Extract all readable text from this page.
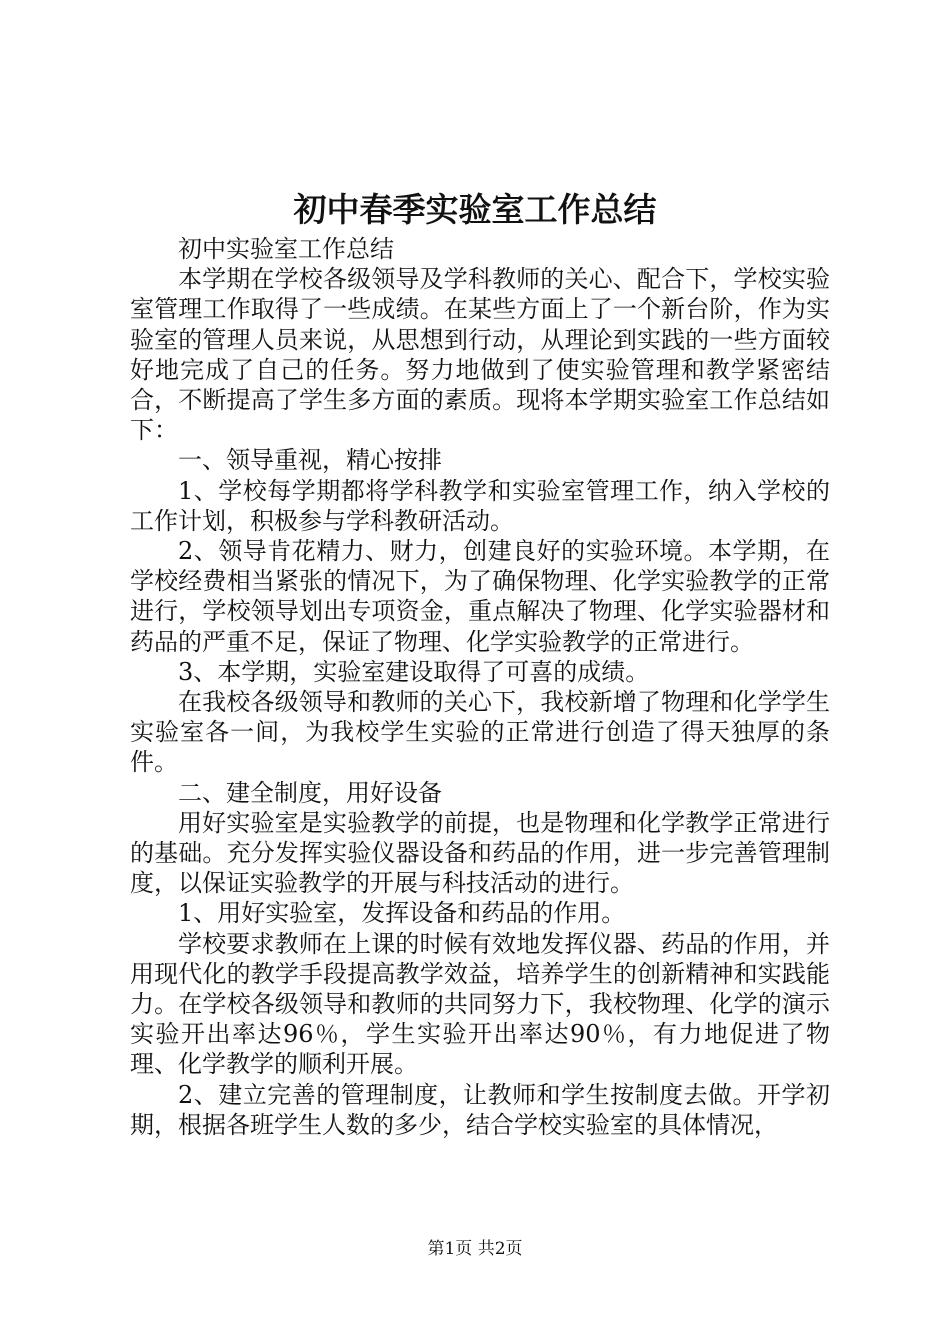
初中春季实验室工作总结

初中实验室工作总结

本学期在学校各级领导及学科教师的关心、配合下，学校实验室管理工作取得了一些成绩。在某些方面上了一个新台阶，作为实验室的管理人员来说，从思想到行动，从理论到实践的一些方面较好地完成了自己的任务。努力地做到了使实验管理和教学紧密结合，不断提高了学生多方面的素质。现将本学期实验室工作总结如下：

一、领导重视，精心按排

1、学校每学期都将学科教学和实验室管理工作，纳入学校的工作计划，积极参与学科教研活动。

2、领导肯花精力、财力，创建良好的实验环境。本学期，在学校经费相当紧张的情况下，为了确保物理、化学实验教学的正常进行，学校领导划出专项资金，重点解决了物理、化学实验器材和药品的严重不足，保证了物理、化学实验教学的正常进行。

3、本学期，实验室建设取得了可喜的成绩。

在我校各级领导和教师的关心下，我校新增了物理和化学学生实验室各一间，为我校学生实验的正常进行创造了得天独厚的条件。

二、建全制度，用好设备

用好实验室是实验教学的前提，也是物理和化学教学正常进行的基础。充分发挥实验仪器设备和药品的作用，进一步完善管理制度，以保证实验教学的开展与科技活动的进行。

1、用好实验室，发挥设备和药品的作用。

学校要求教师在上课的时候有效地发挥仪器、药品的作用，并用现代化的教学手段提高教学效益，培养学生的创新精神和实践能力。在学校各级领导和教师的共同努力下，我校物理、化学的演示实验开出率达96％，学生实验开出率达90％，有力地促进了物理、化学教学的顺利开展。

2、建立完善的管理制度，让教师和学生按制度去做。开学初期，根据各班学生人数的多少，结合学校实验室的具体情况，

第1页 共2页
